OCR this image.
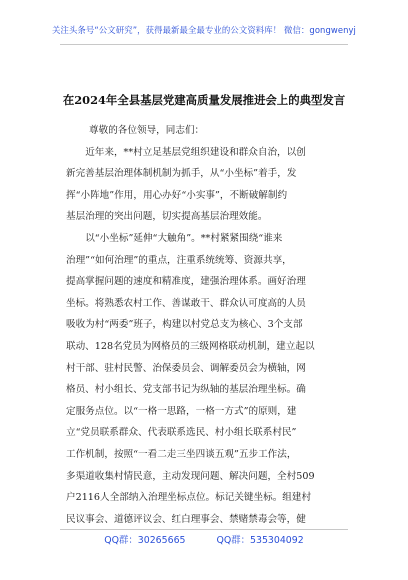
关注头条号“公文研究”，获得最新最全最专业的公文资料库！ 微信：gongwenyj
在2024年全县基层党建高质量发展推进会上的典型发言

尊敬的各位领导，同志们：

近年来，**村立足基层党组织建设和群众自治，以创

新完善基层治理体制机制为抓手，从“小坐标”着手，发

挥“小阵地”作用，用心办好“小实事”，不断破解制约

基层治理的突出问题，切实提高基层治理效能。

以“小坐标”延伸“大触角”。**村紧紧围绕“谁来

治理”“如何治理”的重点，注重系统统筹、资源共享，

提高掌握问题的速度和精准度，建强治理体系。画好治理

坐标。将熟悉农村工作、善谋敢干、群众认可度高的人员

吸收为村“两委”班子，构建以村党总支为核心、3个支部

联动、128名党员为网格员的三级网格联动机制，建立起以

村干部、驻村民警、治保委员会、调解委员会为横轴，网

格员、村小组长、党支部书记为纵轴的基层治理坐标。确

定服务点位。以“一格一思路，一格一方式”的原则，建

立“党员联系群众、代表联系选民、村小组长联系村民”

工作机制，按照“一看二走三坐四谈五观”五步工作法，

多渠道收集村情民意，主动发现问题、解决问题，全村509

户2116人全部纳入治理坐标点位。标记关键坐标。组建村

民议事会、道德评议会、红白理事会、禁赌禁毒会等，健

QQ群：30265665	QQ群：535304092
